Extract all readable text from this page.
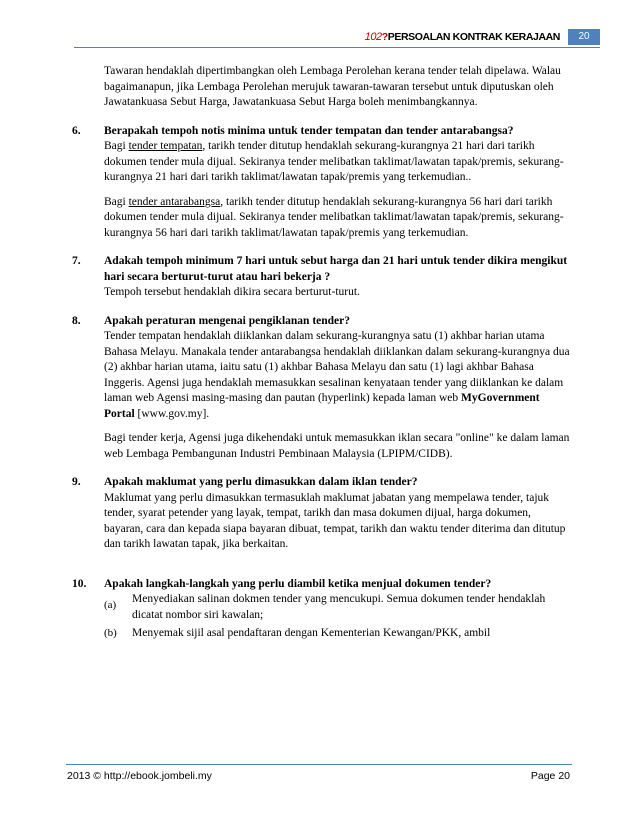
102?PERSOALAN KONTRAK KERAJAAN	20

Tawaran hendaklah dipertimbangkan oleh Lembaga Perolehan kerana tender telah dipelawa. Walau bagaimanapun, jika Lembaga Perolehan merujuk tawaran-tawaran tersebut untuk diputuskan oleh Jawatankuasa Sebut Harga, Jawatankuasa Sebut Harga boleh menimbangkannya.

6.	Berapakah tempoh notis minima untuk tender tempatan dan tender antarabangsa?

Bagi tender tempatan, tarikh tender ditutup hendaklah sekurang-kurangnya 21 hari dari tarikh dokumen tender mula dijual. Sekiranya tender melibatkan taklimat/lawatan tapak/premis, sekurang-kurangnya 21 hari dari tarikh taklimat/lawatan tapak/premis yang terkemudian..

Bagi tender antarabangsa, tarikh tender ditutup hendaklah sekurang-kurangnya 56 hari dari tarikh dokumen tender mula dijual. Sekiranya tender melibatkan taklimat/lawatan tapak/premis, sekurang-kurangnya 56 hari dari tarikh taklimat/lawatan tapak/premis yang terkemudian.

7.	Adakah tempoh minimum 7 hari untuk sebut harga dan 21 hari untuk tender dikira mengikut hari secara berturut-turut atau hari bekerja ?

Tempoh tersebut hendaklah dikira secara berturut-turut.

8.	Apakah peraturan mengenai pengiklanan tender?

Tender tempatan hendaklah diiklankan dalam sekurang-kurangnya satu (1) akhbar harian utama Bahasa Melayu. Manakala tender antarabangsa hendaklah diiklankan dalam sekurang-kurangnya dua (2) akhbar harian utama, iaitu satu (1) akhbar Bahasa Melayu dan satu (1) lagi akhbar Bahasa Inggeris. Agensi juga hendaklah memasukkan sesalinan kenyataan tender yang diiklankan ke dalam laman web Agensi masing-masing dan pautan (hyperlink) kepada laman web MyGovernment Portal [www.gov.my].

Bagi tender kerja, Agensi juga dikehendaki untuk memasukkan iklan secara "online" ke dalam laman web Lembaga Pembangunan Industri Pembinaan Malaysia (LPIPM/CIDB).

9.	Apakah maklumat yang perlu dimasukkan dalam iklan tender?

Maklumat yang perlu dimasukkan termasuklah maklumat jabatan yang mempelawa tender, tajuk tender, syarat petender yang layak, tempat, tarikh dan masa dokumen dijual, harga dokumen, bayaran, cara dan kepada siapa bayaran dibuat, tempat, tarikh dan waktu tender diterima dan ditutup dan tarikh lawatan tapak, jika berkaitan.

10.	Apakah langkah-langkah yang perlu diambil ketika menjual dokumen tender?

(a)	Menyediakan salinan dokmen tender yang mencukupi. Semua dokumen tender hendaklah dicatat nombor siri kawalan;
(b)	Menyemak sijil asal pendaftaran dengan Kementerian Kewangan/PKK, ambil
2013 © http://ebook.jombeli.my	Page 20
